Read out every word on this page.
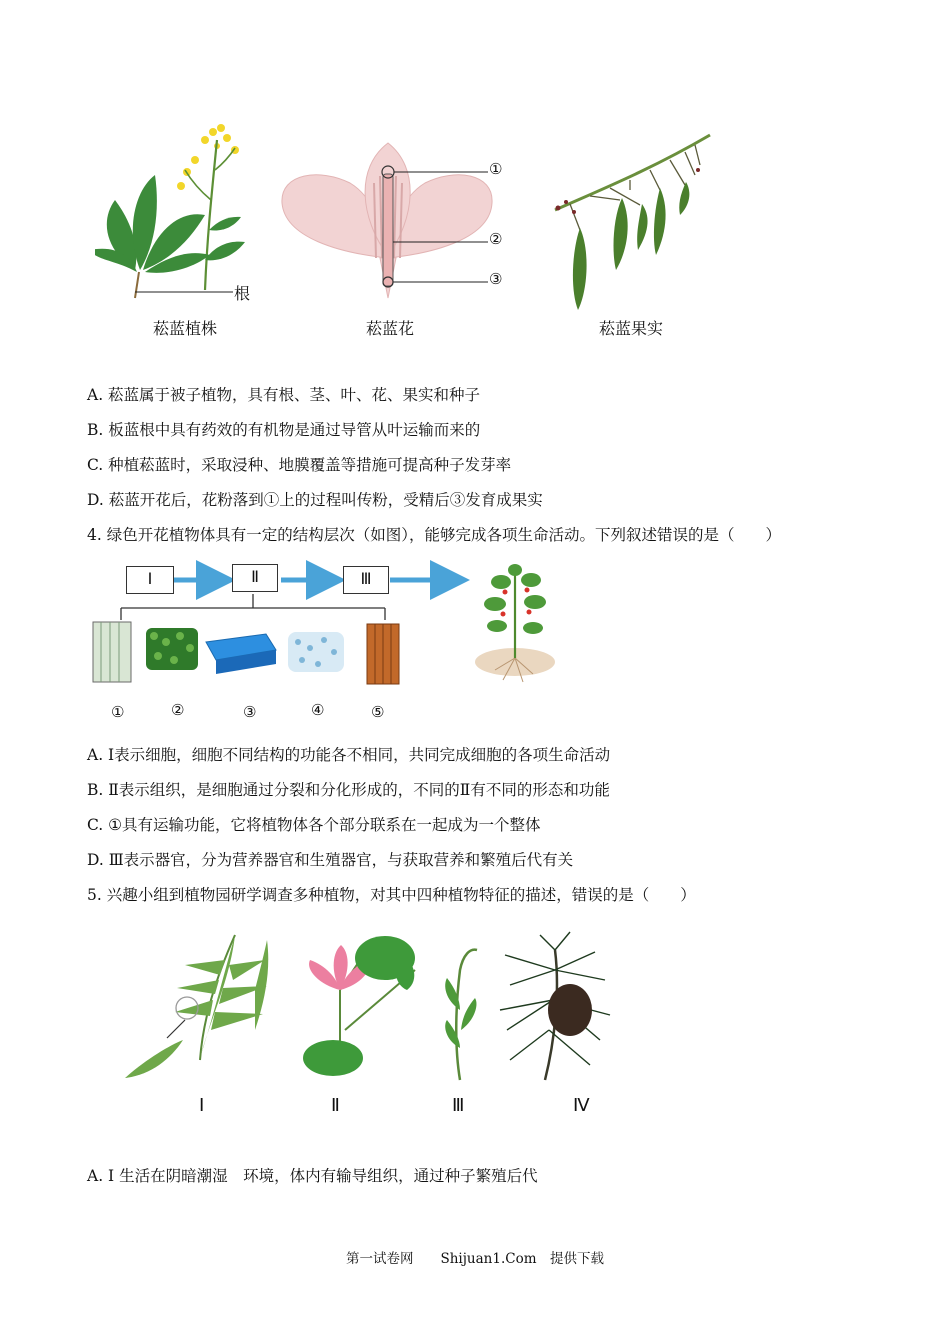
根
菘蓝植株
①
②
③
菘蓝花	菘蓝果实
A. 菘蓝属于被子植物，具有根、茎、叶、花、果实和种子
B. 板蓝根中具有药效的有机物是通过导管从叶运输而来的
C. 种植菘蓝时，采取浸种、地膜覆盖等措施可提高种子发芽率
D. 菘蓝开花后，花粉落到①上的过程叫传粉，受精后③发育成果实
4. 绿色开花植物体具有一定的结构层次（如图），能够完成各项生命活动。下列叙述错误的是（　　）
Ⅰ	Ⅱ	Ⅲ
①	②	③	④	⑤
A. Ⅰ表示细胞，细胞不同结构的功能各不相同，共同完成细胞的各项生命活动
B. Ⅱ表示组织，是细胞通过分裂和分化形成的，不同的Ⅱ有不同的形态和功能
C. ①具有运输功能，它将植物体各个部分联系在一起成为一个整体
D. Ⅲ表示器官，分为营养器官和生殖器官，与获取营养和繁殖后代有关
5. 兴趣小组到植物园研学调查多种植物，对其中四种植物特征的描述，错误的是（　　）
Ⅰ	Ⅱ	Ⅲ	Ⅳ
A. Ⅰ 生活在阴暗潮湿　环境，体内有输导组织，通过种子繁殖后代
第一试卷网　　Shijuan1.Com　提供下载
